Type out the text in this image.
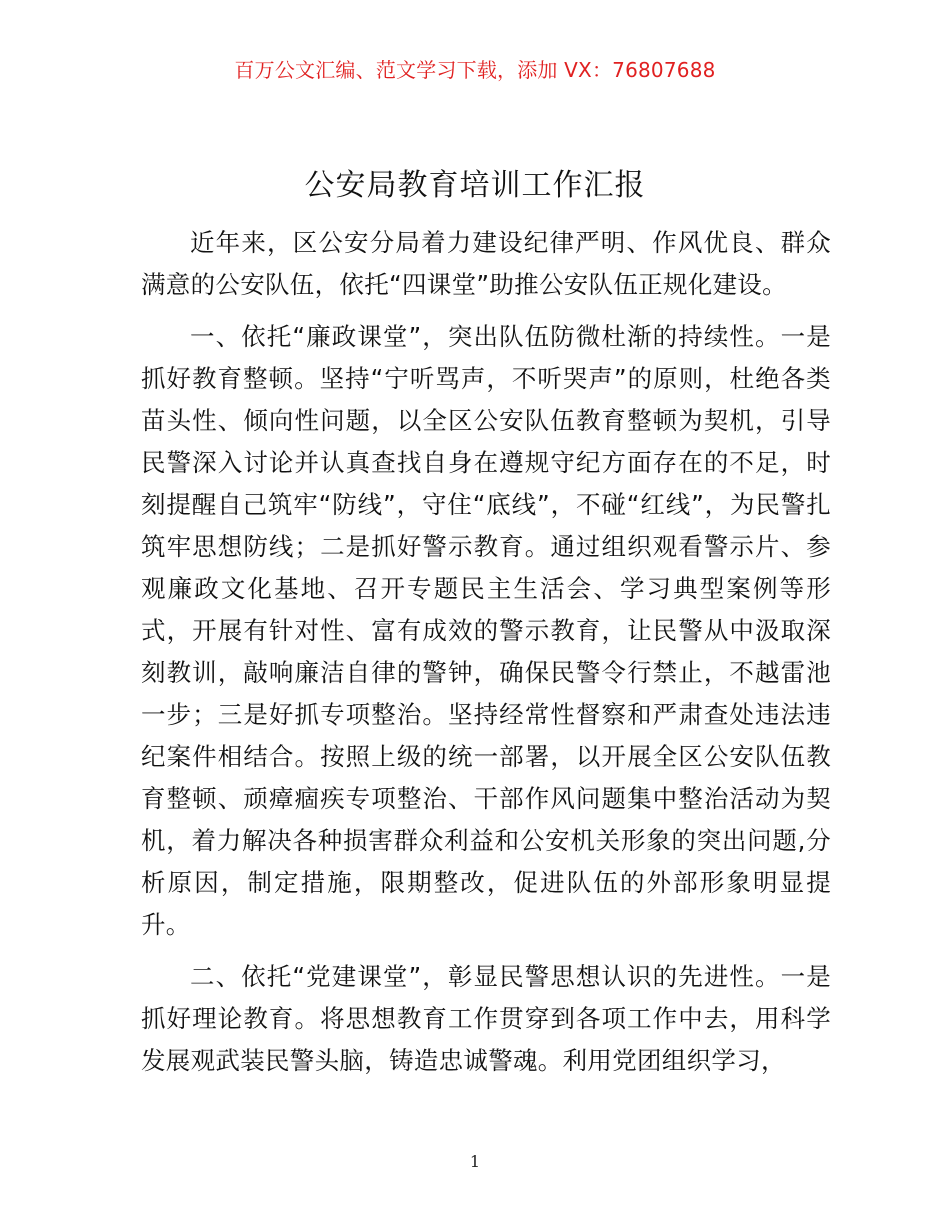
百万公文汇编、范文学习下载，添加 VX：76807688
公安局教育培训工作汇报

近年来，区公安分局着力建设纪律严明、作风优良、群众满意的公安队伍，依托“四课堂”助推公安队伍正规化建设。

一、依托“廉政课堂”，突出队伍防微杜渐的持续性。一是抓好教育整顿。坚持“宁听骂声，不听哭声”的原则，杜绝各类苗头性、倾向性问题，以全区公安队伍教育整顿为契机，引导民警深入讨论并认真查找自身在遵规守纪方面存在的不足，时刻提醒自己筑牢“防线”，守住“底线”，不碰“红线”，为民警扎筑牢思想防线；二是抓好警示教育。通过组织观看警示片、参观廉政文化基地、召开专题民主生活会、学习典型案例等形式，开展有针对性、富有成效的警示教育，让民警从中汲取深刻教训，敲响廉洁自律的警钟，确保民警令行禁止，不越雷池一步；三是好抓专项整治。坚持经常性督察和严肃查处违法违纪案件相结合。按照上级的统一部署，以开展全区公安队伍教育整顿、顽瘴痼疾专项整治、干部作风问题集中整治活动为契机，着力解决各种损害群众利益和公安机关形象的突出问题,分析原因，制定措施，限期整改，促进队伍的外部形象明显提升。

二、依托“党建课堂”，彰显民警思想认识的先进性。一是抓好理论教育。将思想教育工作贯穿到各项工作中去，用科学发展观武装民警头脑，铸造忠诚警魂。利用党团组织学习，

1
